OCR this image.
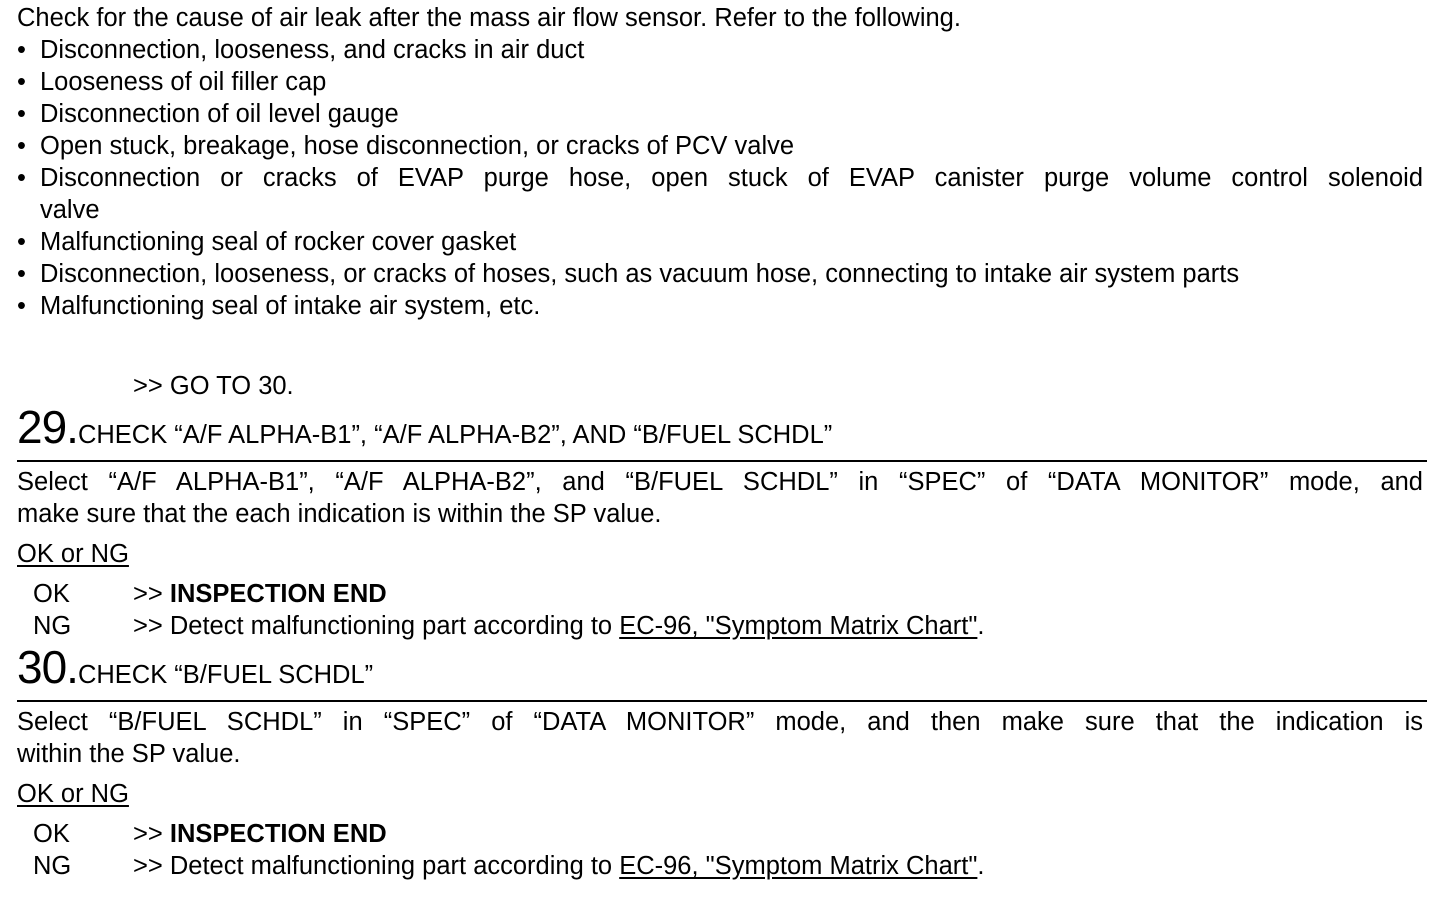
Check for the cause of air leak after the mass air flow sensor. Refer to the following.
• Disconnection, looseness, and cracks in air duct
• Looseness of oil filler cap
• Disconnection of oil level gauge
• Open stuck, breakage, hose disconnection, or cracks of PCV valve
• Disconnection or cracks of EVAP purge hose, open stuck of EVAP canister purge volume control solenoid
valve
• Malfunctioning seal of rocker cover gasket
• Disconnection, looseness, or cracks of hoses, such as vacuum hose, connecting to intake air system parts
• Malfunctioning seal of intake air system, etc.
>> GO TO 30.
29.CHECK “A/F ALPHA-B1”, “A/F ALPHA-B2”, AND “B/FUEL SCHDL”
Select “A/F ALPHA-B1”, “A/F ALPHA-B2”, and “B/FUEL SCHDL” in “SPEC” of “DATA MONITOR” mode, and
make sure that the each indication is within the SP value.
OK or NG
OK >> INSPECTION END
NG >> Detect malfunctioning part according to EC-96, "Symptom Matrix Chart".
30.CHECK “B/FUEL SCHDL”
Select “B/FUEL SCHDL” in “SPEC” of “DATA MONITOR” mode, and then make sure that the indication is
within the SP value.
OK or NG
OK >> INSPECTION END
NG >> Detect malfunctioning part according to EC-96, "Symptom Matrix Chart".
